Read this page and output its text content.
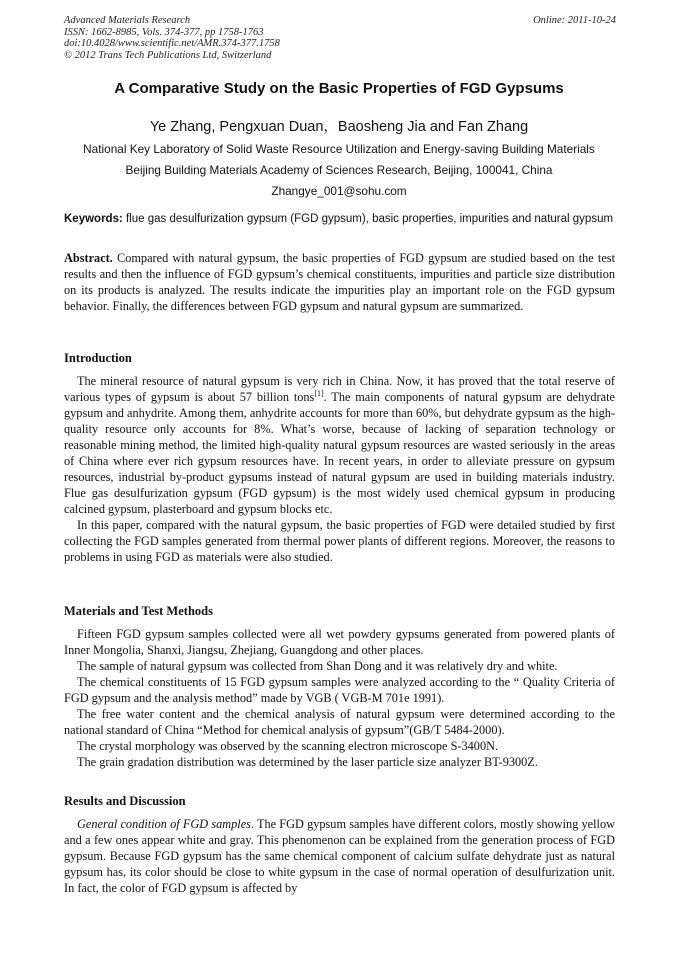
Advanced Materials Research
ISSN: 1662-8985, Vols. 374-377, pp 1758-1763
doi:10.4028/www.scientific.net/AMR.374-377.1758
© 2012 Trans Tech Publications Ltd, Switzerland
Online: 2011-10-24
A Comparative Study on the Basic Properties of FGD Gypsums
Ye Zhang, Pengxuan Duan，Baosheng Jia and Fan Zhang
National Key Laboratory of Solid Waste Resource Utilization and Energy-saving Building Materials
Beijing Building Materials Academy of Sciences Research, Beijing, 100041, China
Zhangye_001@sohu.com
Keywords: flue gas desulfurization gypsum (FGD gypsum), basic properties, impurities and natural gypsum
Abstract. Compared with natural gypsum, the basic properties of FGD gypsum are studied based on the test results and then the influence of FGD gypsum’s chemical constituents, impurities and particle size distribution on its products is analyzed. The results indicate the impurities play an important role on the FGD gypsum behavior. Finally, the differences between FGD gypsum and natural gypsum are summarized.
Introduction

The mineral resource of natural gypsum is very rich in China. Now, it has proved that the total reserve of various types of gypsum is about 57 billion tons[1]. The main components of natural gypsum are dehydrate gypsum and anhydrite. Among them, anhydrite accounts for more than 60%, but dehydrate gypsum as the high-quality resource only accounts for 8%. What’s worse, because of lacking of separation technology or reasonable mining method, the limited high-quality natural gypsum resources are wasted seriously in the areas of China where ever rich gypsum resources have. In recent years, in order to alleviate pressure on gypsum resources, industrial by-product gypsums instead of natural gypsum are used in building materials industry. Flue gas desulfurization gypsum (FGD gypsum) is the most widely used chemical gypsum in producing calcined gypsum, plasterboard and gypsum blocks etc.

In this paper, compared with the natural gypsum, the basic properties of FGD were detailed studied by first collecting the FGD samples generated from thermal power plants of different regions. Moreover, the reasons to problems in using FGD as materials were also studied.

Materials and Test Methods

Fifteen FGD gypsum samples collected were all wet powdery gypsums generated from powered plants of Inner Mongolia, Shanxi, Jiangsu, Zhejiang, Guangdong and other places.

The sample of natural gypsum was collected from Shan Dong and it was relatively dry and white.

The chemical constituents of 15 FGD gypsum samples were analyzed according to the “ Quality Criteria of FGD gypsum and the analysis method” made by VGB ( VGB-M 701e 1991).

The free water content and the chemical analysis of natural gypsum were determined according to the national standard of China “Method for chemical analysis of gypsum”(GB/T 5484-2000).

The crystal morphology was observed by the scanning electron microscope S-3400N.

The grain gradation distribution was determined by the laser particle size analyzer BT-9300Z.

Results and Discussion

General condition of FGD samples. The FGD gypsum samples have different colors, mostly showing yellow and a few ones appear white and gray. This phenomenon can be explained from the generation process of FGD gypsum. Because FGD gypsum has the same chemical component of calcium sulfate dehydrate just as natural gypsum has, its color should be close to white gypsum in the case of normal operation of desulfurization unit. In fact, the color of FGD gypsum is affected by
